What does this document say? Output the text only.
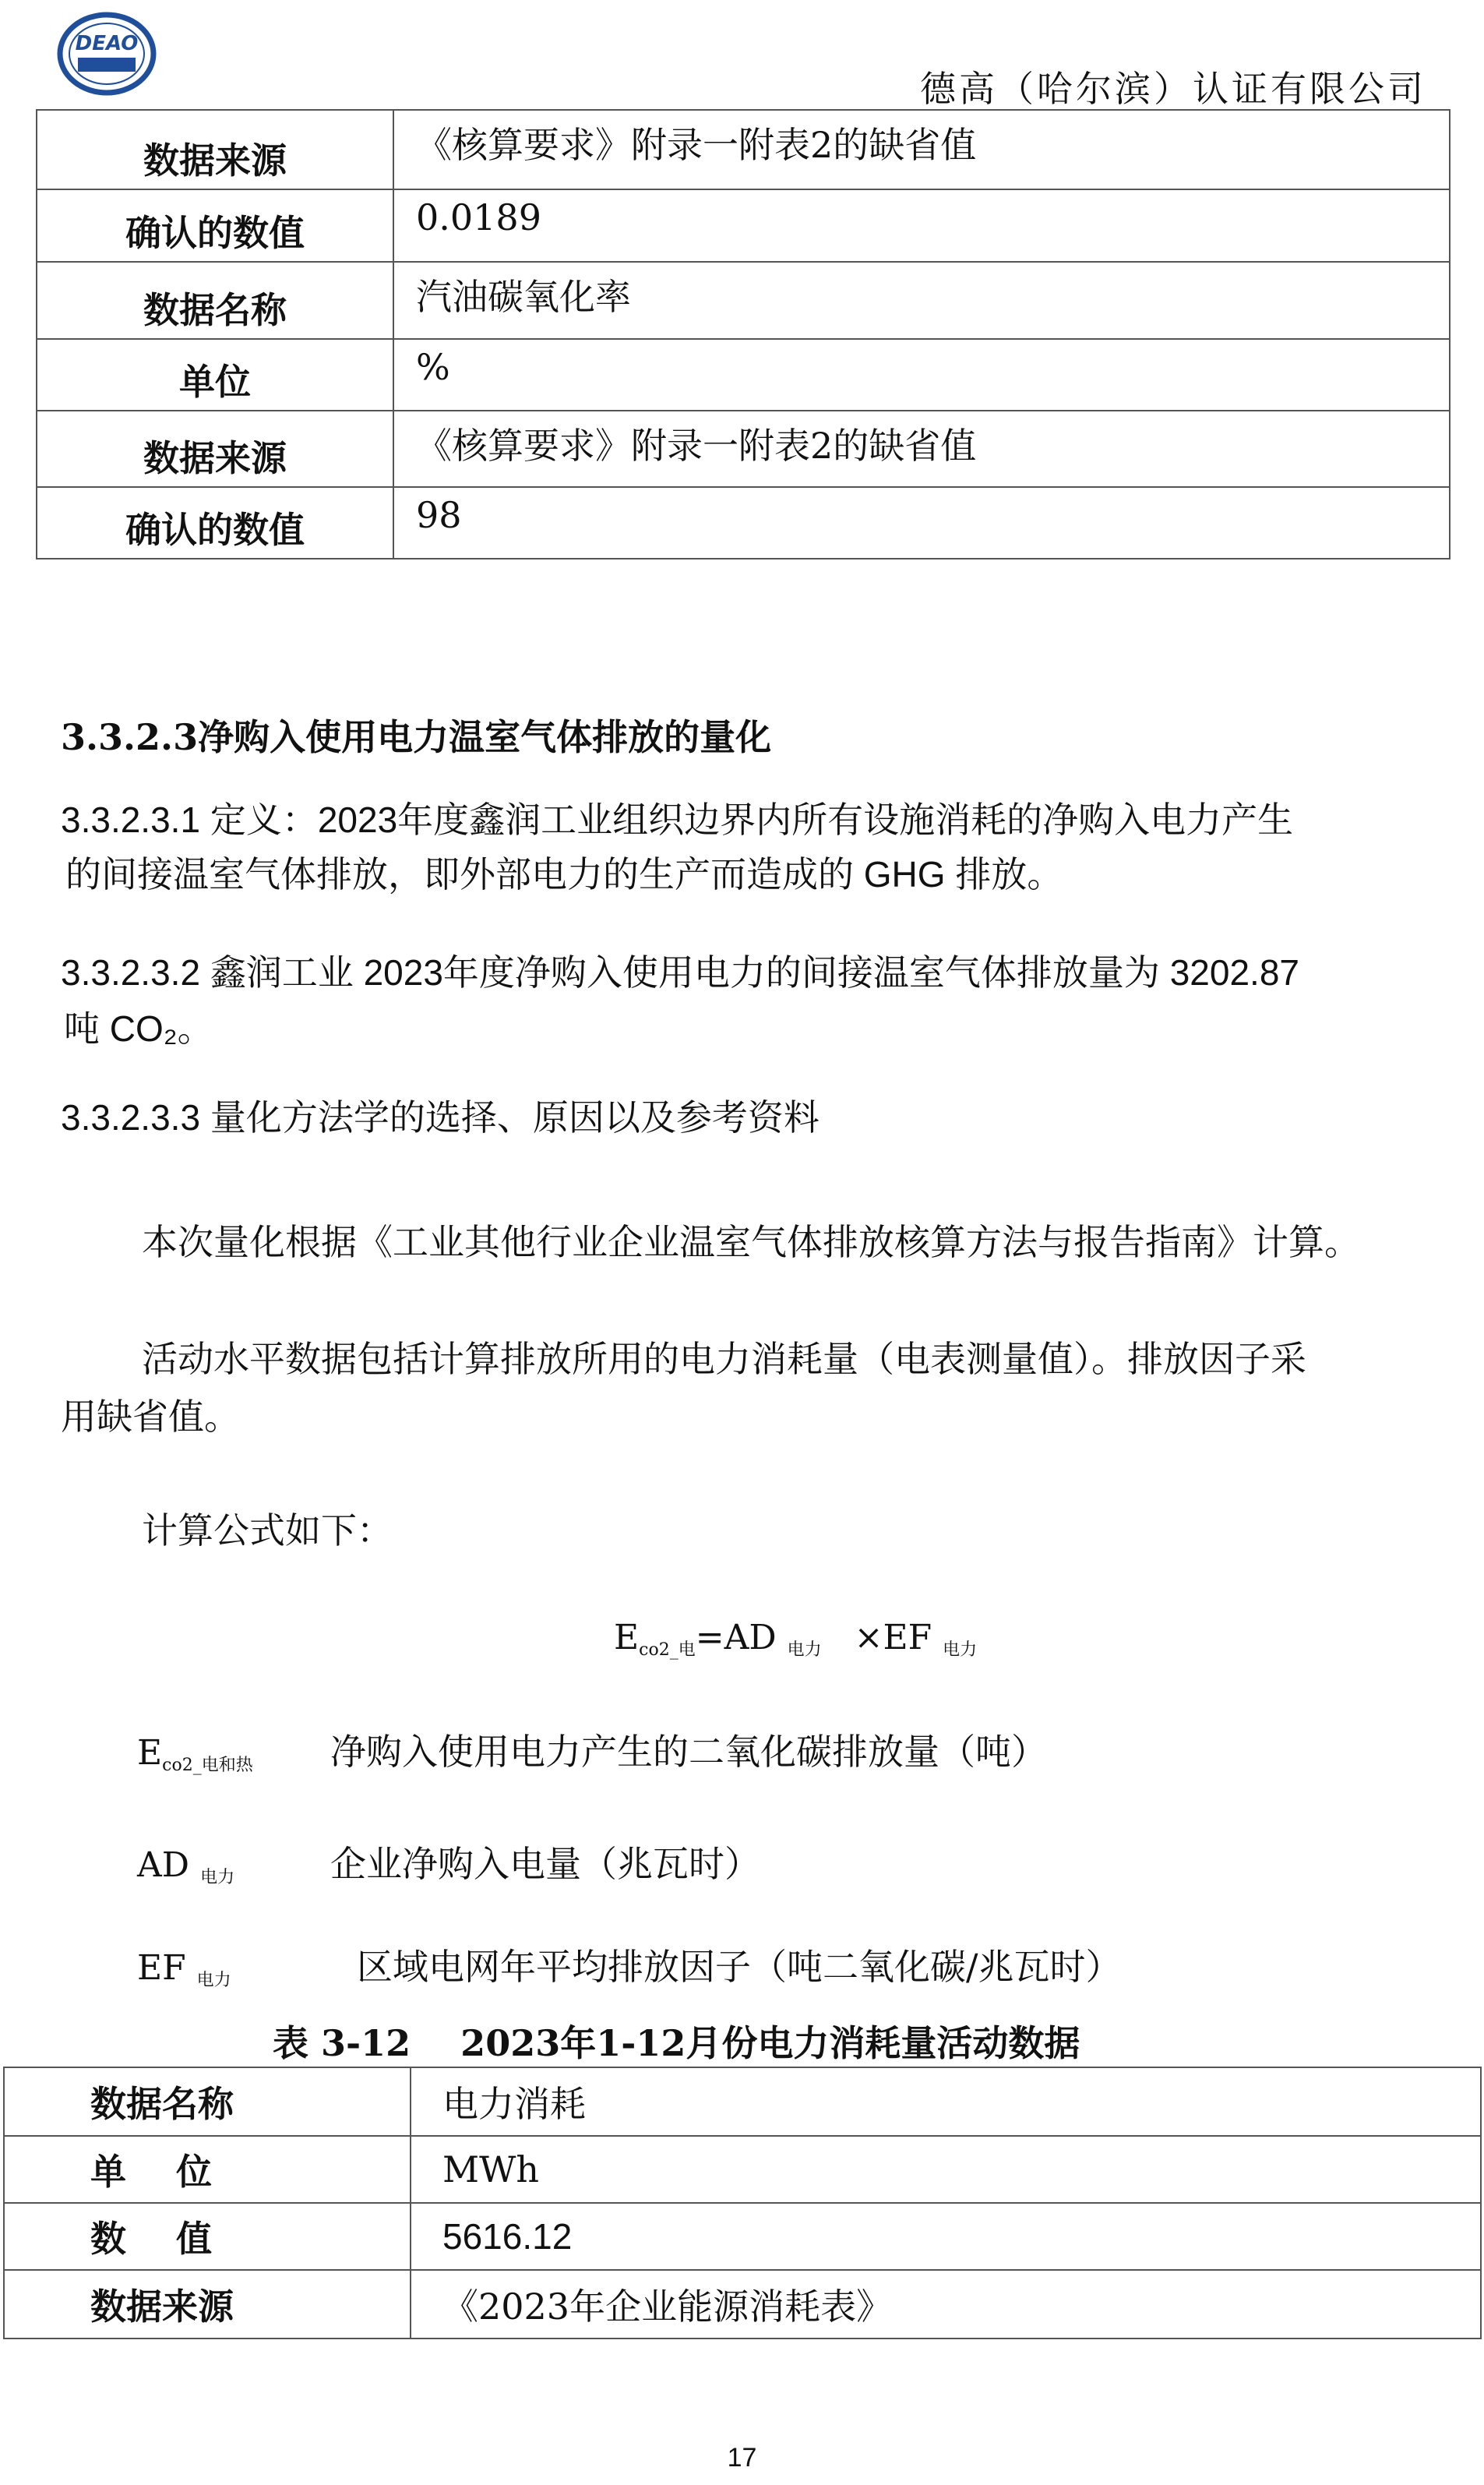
DEAO
德高（哈尔滨）认证有限公司
数据来源	《核算要求》附录一附表2的缺省值
确认的数值	0.0189
数据名称	汽油碳氧化率
单位	%
数据来源	《核算要求》附录一附表2的缺省值
确认的数值	98
3.3.2.3净购入使用电力温室气体排放的量化
3.3.2.3.1 定义：2023年度鑫润工业组织边界内所有设施消耗的净购入电力产生
的间接温室气体排放，即外部电力的生产而造成的 GHG 排放。
3.3.2.3.2 鑫润工业 2023年度净购入使用电力的间接温室气体排放量为 3202.87
吨 CO₂。
3.3.2.3.3 量化方法学的选择、原因以及参考资料
本次量化根据《工业其他行业企业温室气体排放核算方法与报告指南》计算。
活动水平数据包括计算排放所用的电力消耗量（电表测量值）。排放因子采
用缺省值。
计算公式如下：
$E_{co2\_电}=AD$ $_{电力}$ ×EF $_{电力}$
$E_{co2\_电和热}$ 净购入使用电力产生的二氧化碳排放量（吨）
AD $_{电力}$	企业净购入电量（兆瓦时）
EF $_{电力}$	区域电网年平均排放因子（吨二氧化碳/兆瓦时）
表 3-12    2023年1-12月份电力消耗量活动数据
数据名称	电力消耗
单    位	MWh
数    值	5616.12
数据来源	《2023年企业能源消耗表》
17
